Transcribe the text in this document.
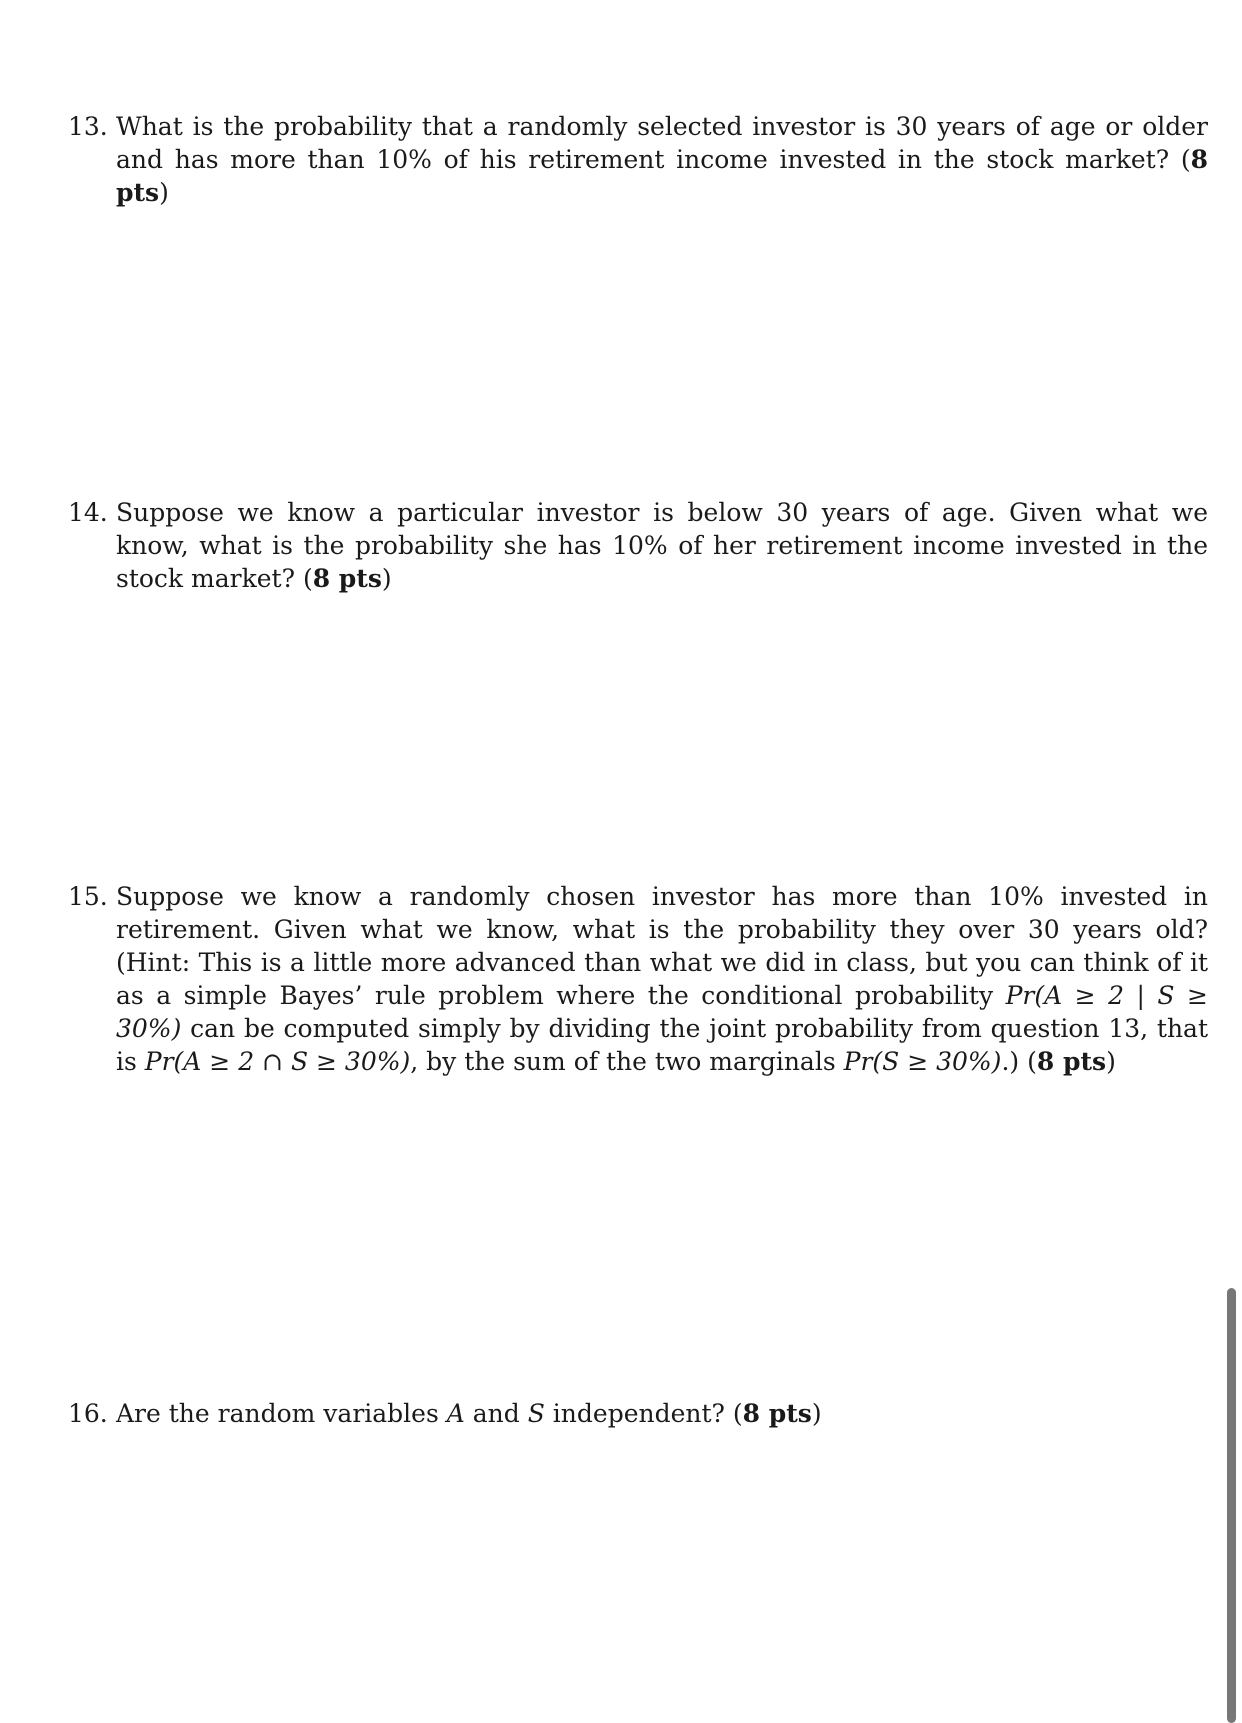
13. What is the probability that a randomly selected investor is 30 years of age or older and has more than 10% of his retirement income invested in the stock market? (8 pts)
14. Suppose we know a particular investor is below 30 years of age. Given what we know, what is the probability she has 10% of her retirement income invested in the stock market? (8 pts)
15. Suppose we know a randomly chosen investor has more than 10% invested in retirement. Given what we know, what is the probability they over 30 years old? (Hint: This is a little more advanced than what we did in class, but you can think of it as a simple Bayes’ rule problem where the conditional probability Pr(A ≥ 2 | S ≥ 30%) can be computed simply by dividing the joint probability from question 13, that is Pr(A ≥ 2 ∩ S ≥ 30%), by the sum of the two marginals Pr(S ≥ 30%).) (8 pts)
16. Are the random variables A and S independent? (8 pts)
